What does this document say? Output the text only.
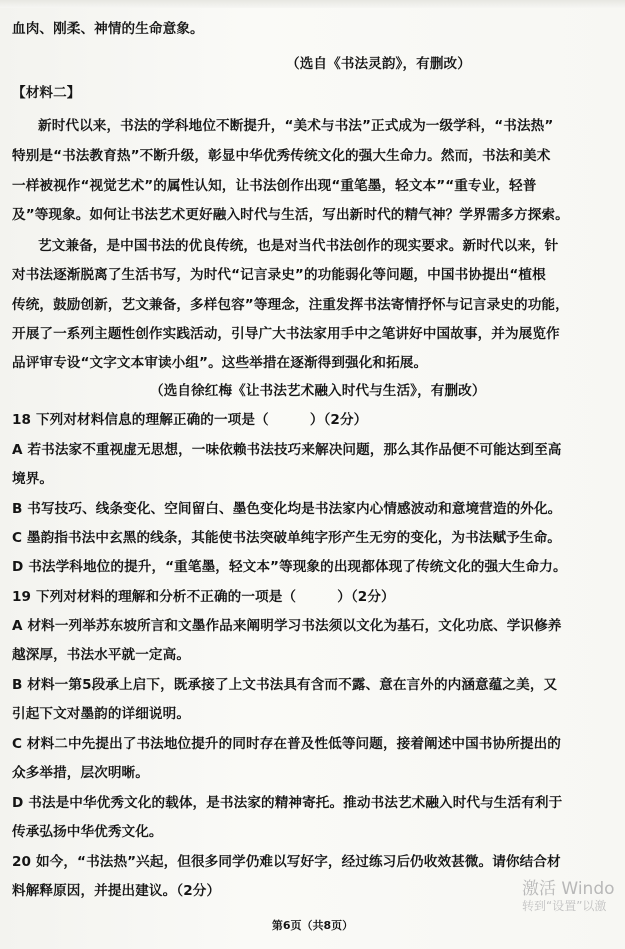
血肉、刚柔、神情的生命意象。
（选自《书法灵韵》，有删改）
【材料二】
新时代以来，书法的学科地位不断提升，“美术与书法”正式成为一级学科，“书法热”
特别是“书法教育热”不断升级，彰显中华优秀传统文化的强大生命力。然而，书法和美术
一样被视作“视觉艺术”的属性认知，让书法创作出现“重笔墨，轻文本”“重专业，轻普
及”等现象。如何让书法艺术更好融入时代与生活，写出新时代的精气神？学界需多方探索。
艺文兼备，是中国书法的优良传统，也是对当代书法创作的现实要求。新时代以来，针
对书法逐渐脱离了生活书写，为时代“记言录史”的功能弱化等问题，中国书协提出“植根
传统，鼓励创新，艺文兼备，多样包容”等理念，注重发挥书法寄情抒怀与记言录史的功能，
开展了一系列主题性创作实践活动，引导广大书法家用手中之笔讲好中国故事，并为展览作
品评审专设“文字文本审读小组”。这些举措在逐渐得到强化和拓展。
（选自徐红梅《让书法艺术融入时代与生活》，有删改）
18 下列对材料信息的理解正确的一项是（　　　）（2分）
A 若书法家不重视虚无思想，一味依赖书法技巧来解决问题，那么其作品便不可能达到至高
境界。
B 书写技巧、线条变化、空间留白、墨色变化均是书法家内心情感波动和意境营造的外化。
C 墨韵指书法中玄黑的线条，其能使书法突破单纯字形产生无穷的变化，为书法赋予生命。
D 书法学科地位的提升，“重笔墨，轻文本”等现象的出现都体现了传统文化的强大生命力。
19 下列对材料的理解和分析不正确的一项是（　　　）（2分）
A 材料一列举苏东坡所言和文墨作品来阐明学习书法须以文化为基石，文化功底、学识修养
越深厚，书法水平就一定高。
B 材料一第5段承上启下，既承接了上文书法具有含而不露、意在言外的内涵意蕴之美，又
引起下文对墨韵的详细说明。
C 材料二中先提出了书法地位提升的同时存在普及性低等问题，接着阐述中国书协所提出的
众多举措，层次明晰。
D 书法是中华优秀文化的载体，是书法家的精神寄托。推动书法艺术融入时代与生活有利于
传承弘扬中华优秀文化。
20 如今，“书法热”兴起，但很多同学仍难以写好字，经过练习后仍收效甚微。请你结合材
料解释原因，并提出建议。（2分）
第6页（共8页）
激活 Windo
转到“设置”以激
